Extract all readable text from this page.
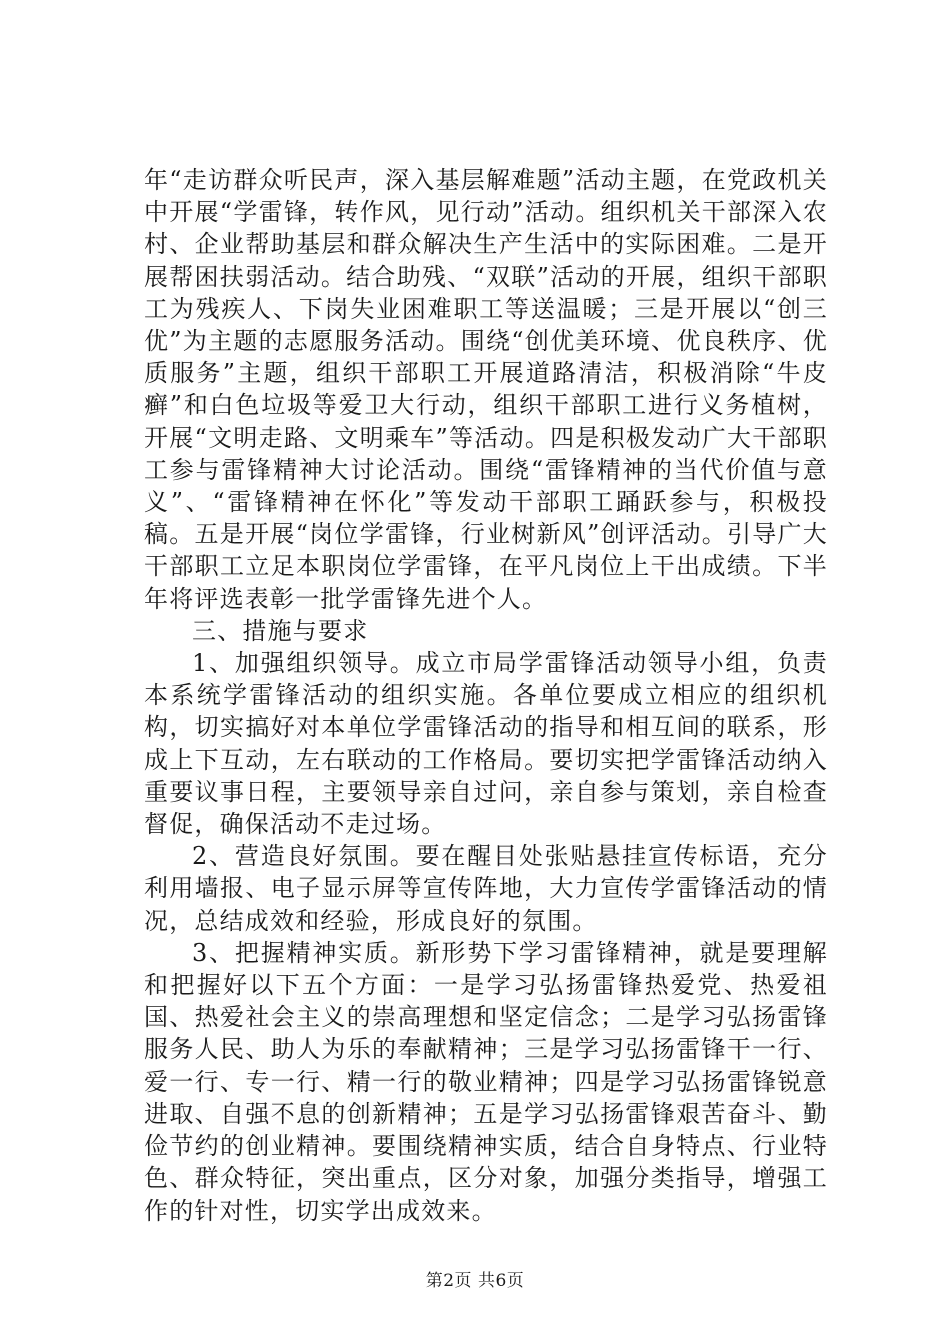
年“走访群众听民声，深入基层解难题”活动主题，在党政机关中开展“学雷锋，转作风，见行动”活动。组织机关干部深入农村、企业帮助基层和群众解决生产生活中的实际困难。二是开展帮困扶弱活动。结合助残、“双联”活动的开展，组织干部职工为残疾人、下岗失业困难职工等送温暖；三是开展以“创三优”为主题的志愿服务活动。围绕“创优美环境、优良秩序、优质服务”主题，组织干部职工开展道路清洁，积极消除“牛皮癣”和白色垃圾等爱卫大行动，组织干部职工进行义务植树，开展“文明走路、文明乘车”等活动。四是积极发动广大干部职工参与雷锋精神大讨论活动。围绕“雷锋精神的当代价值与意义”、“雷锋精神在怀化”等发动干部职工踊跃参与，积极投稿。五是开展“岗位学雷锋，行业树新风”创评活动。引导广大干部职工立足本职岗位学雷锋，在平凡岗位上干出成绩。下半年将评选表彰一批学雷锋先进个人。

三、措施与要求

1、加强组织领导。成立市局学雷锋活动领导小组，负责本系统学雷锋活动的组织实施。各单位要成立相应的组织机构，切实搞好对本单位学雷锋活动的指导和相互间的联系，形成上下互动，左右联动的工作格局。要切实把学雷锋活动纳入重要议事日程，主要领导亲自过问，亲自参与策划，亲自检查督促，确保活动不走过场。

2、营造良好氛围。要在醒目处张贴悬挂宣传标语，充分利用墙报、电子显示屏等宣传阵地，大力宣传学雷锋活动的情况，总结成效和经验，形成良好的氛围。

3、把握精神实质。新形势下学习雷锋精神，就是要理解和把握好以下五个方面：一是学习弘扬雷锋热爱党、热爱祖国、热爱社会主义的崇高理想和坚定信念；二是学习弘扬雷锋服务人民、助人为乐的奉献精神；三是学习弘扬雷锋干一行、爱一行、专一行、精一行的敬业精神；四是学习弘扬雷锋锐意进取、自强不息的创新精神；五是学习弘扬雷锋艰苦奋斗、勤俭节约的创业精神。要围绕精神实质，结合自身特点、行业特色、群众特征，突出重点，区分对象，加强分类指导，增强工作的针对性，切实学出成效来。

第2页 共6页
